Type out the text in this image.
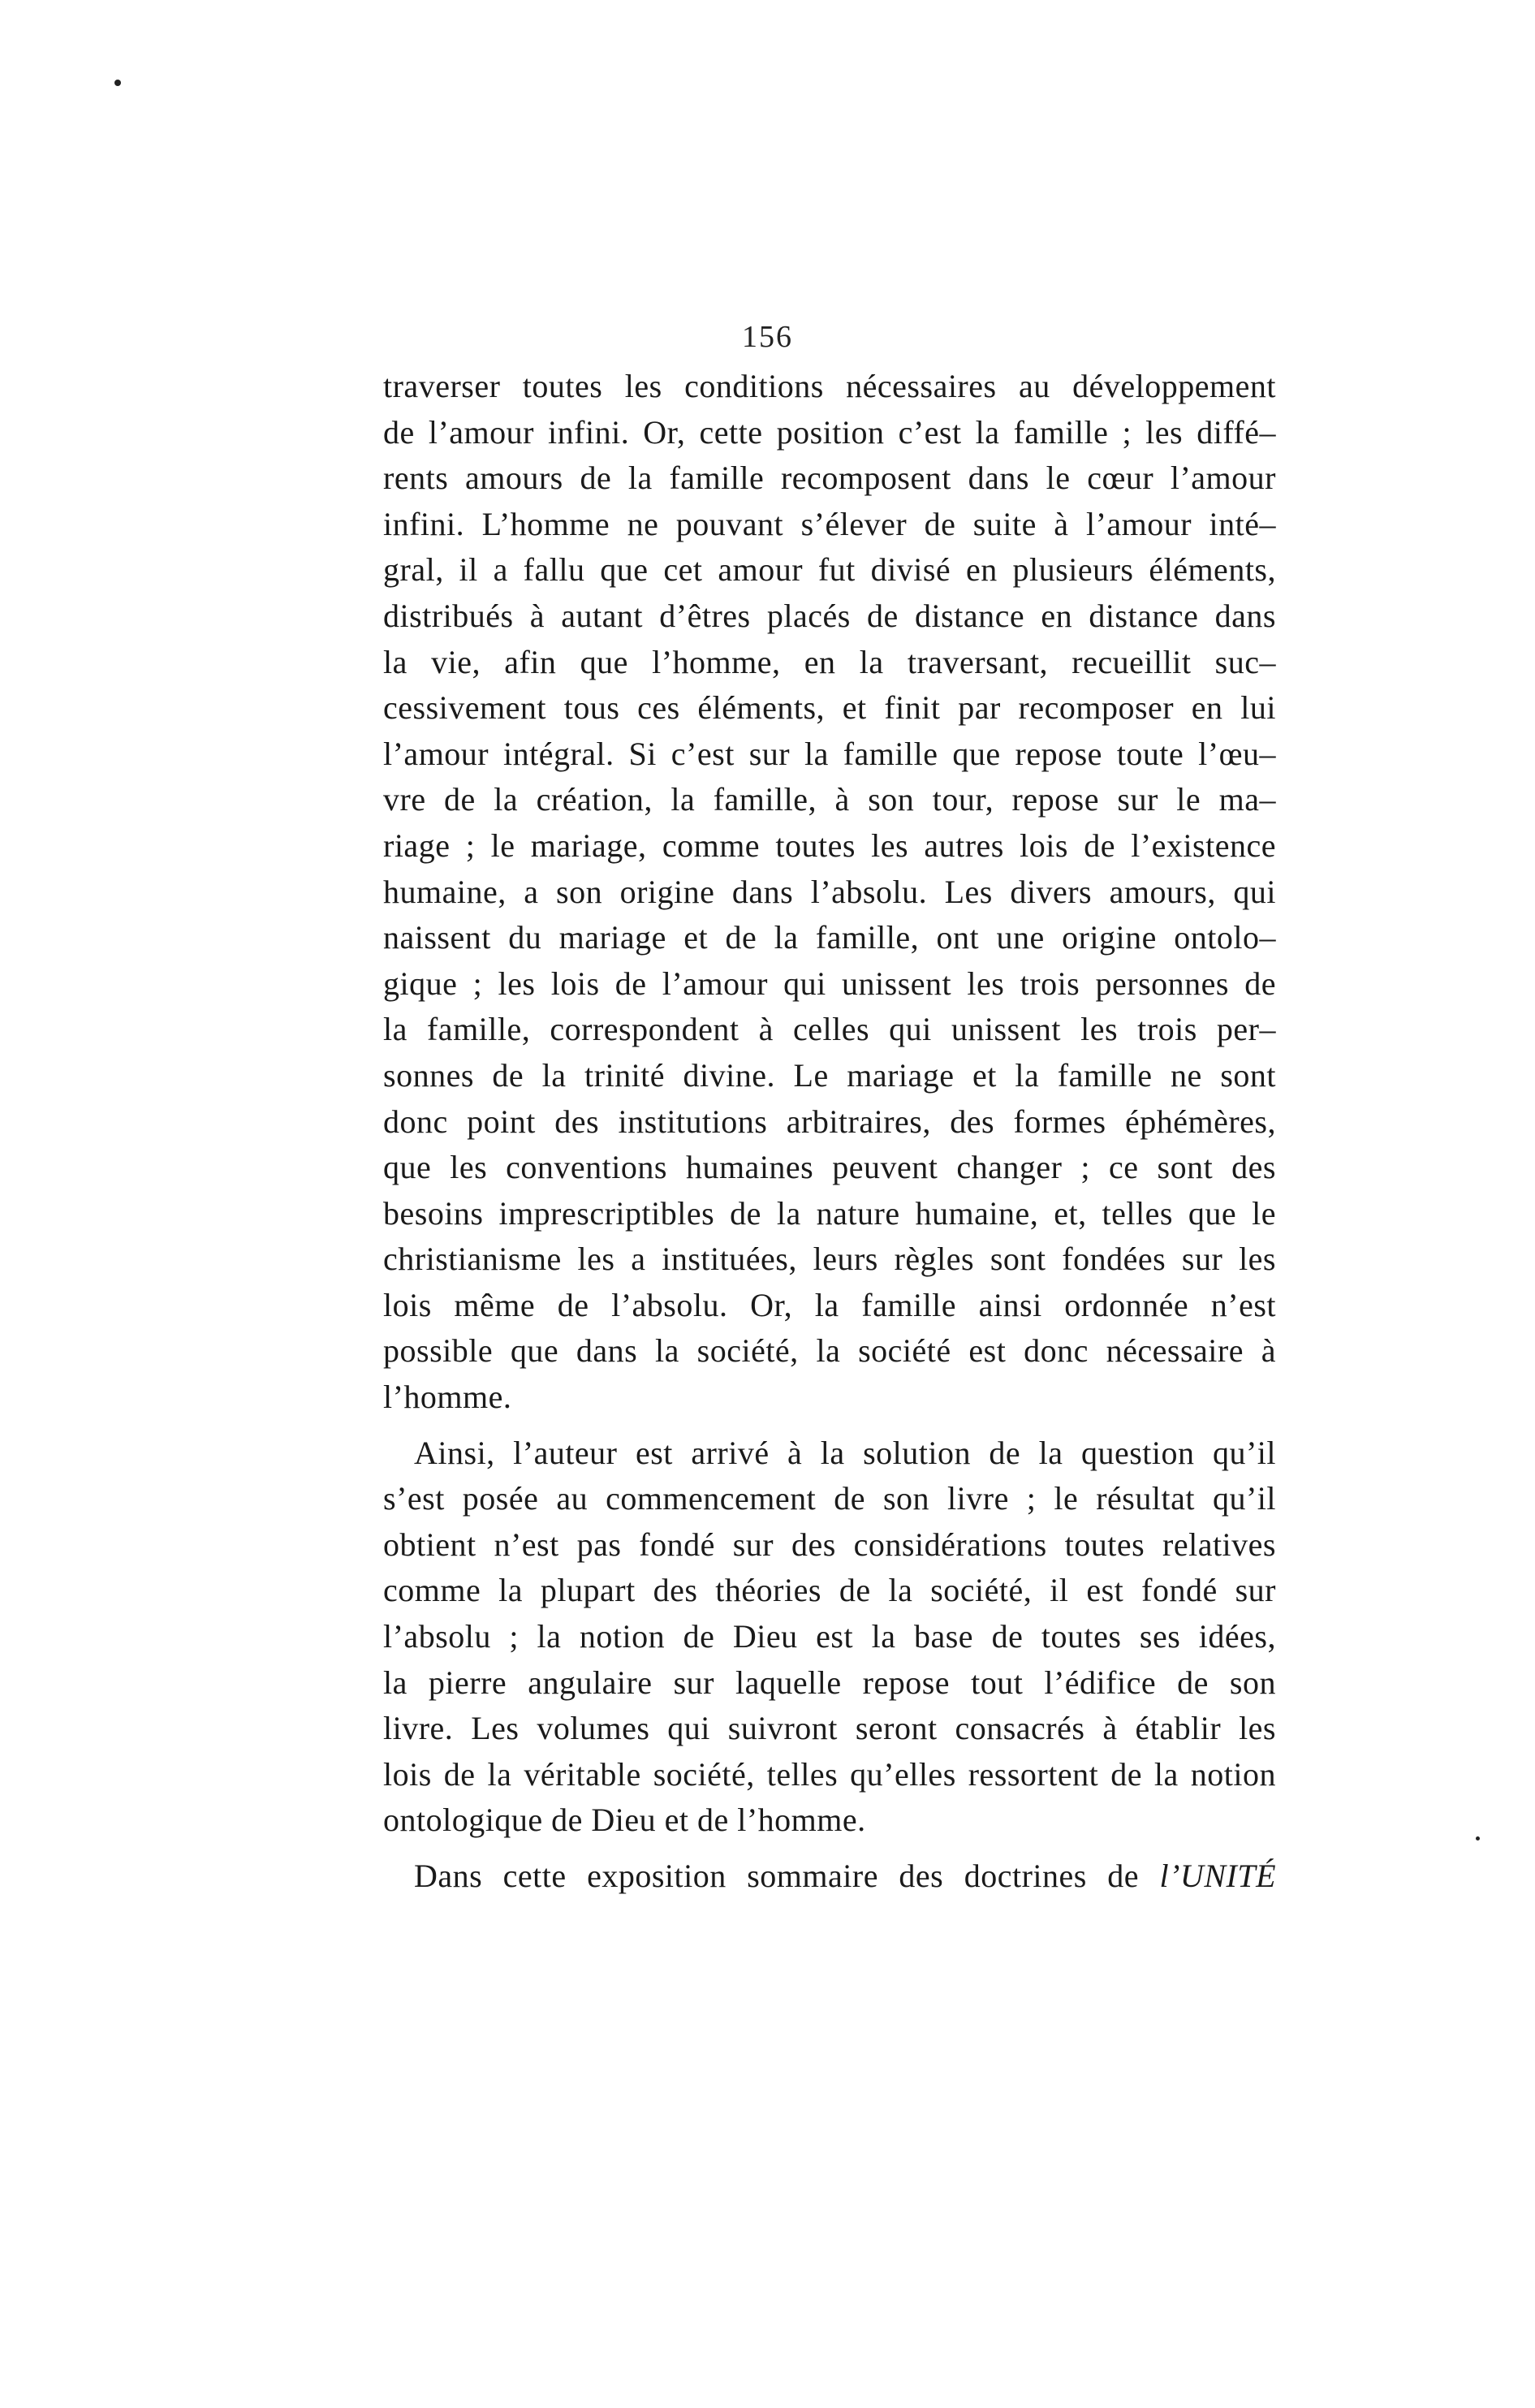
156
traverser toutes les conditions nécessaires au développement
de l’amour infini. Or, cette position c’est la famille ; les diffé–
rents amours de la famille recomposent dans le cœur l’amour
infini. L’homme ne pouvant s’élever de suite à l’amour inté–
gral, il a fallu que cet amour fut divisé en plusieurs éléments,
distribués à autant d’êtres placés de distance en distance dans
la vie, afin que l’homme, en la traversant, recueillit suc–
cessivement tous ces éléments, et finit par recomposer en lui
l’amour intégral. Si c’est sur la famille que repose toute l’œu–
vre de la création, la famille, à son tour, repose sur le ma–
riage ; le mariage, comme toutes les autres lois de l’existence
humaine, a son origine dans l’absolu. Les divers amours, qui
naissent du mariage et de la famille, ont une origine ontolo–
gique ; les lois de l’amour qui unissent les trois personnes de
la famille, correspondent à celles qui unissent les trois per–
sonnes de la trinité divine. Le mariage et la famille ne sont
donc point des institutions arbitraires, des formes éphémères,
que les conventions humaines peuvent changer ; ce sont des
besoins imprescriptibles de la nature humaine, et, telles que le
christianisme les a instituées, leurs règles sont fondées sur les
lois même de l’absolu. Or, la famille ainsi ordonnée n’est
possible que dans la société, la société est donc nécessaire à
l’homme.
Ainsi, l’auteur est arrivé à la solution de la question qu’il
s’est posée au commencement de son livre ; le résultat qu’il
obtient n’est pas fondé sur des considérations toutes relatives
comme la plupart des théories de la société, il est fondé sur
l’absolu ; la notion de Dieu est la base de toutes ses idées,
la pierre angulaire sur laquelle repose tout l’édifice de son
livre. Les volumes qui suivront seront consacrés à établir les
lois de la véritable société, telles qu’elles ressortent de la notion
ontologique de Dieu et de l’homme.
Dans cette exposition sommaire des doctrines de l’UNITÉ
